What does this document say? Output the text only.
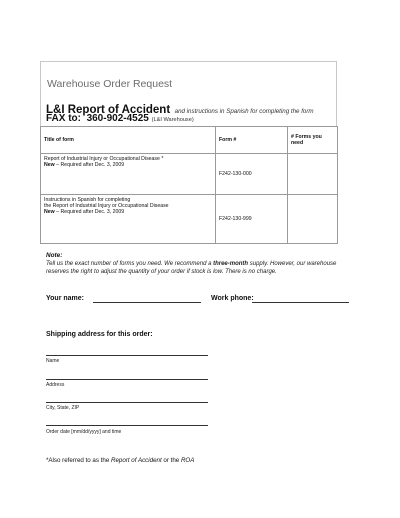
Warehouse Order Request
L&I Report of Accident and instructions in Spanish for completing the form
FAX to: 360-902-4525 (L&I Warehouse)
Title of form	Form #	# Forms you need

Report of Industrial Injury or Occupational Disease *
New – Required after Dec. 3, 2009	F242-130-000	

Instructions in Spanish for completing
the Report of Industrial Injury or Occupational Disease
New – Required after Dec. 3, 2009	F242-130-999	
Note:
Tell us the exact number of forms you need. We recommend a three-month supply. However, our warehouse reserves the right to adjust the quantity of your order if stock is low. There is no charge.
Your name:	Work phone:
Shipping address for this order:
Name
Address
City, State, ZIP
Order date [mm/dd/yyyy] and time
*Also referred to as the Report of Accident or the ROA
